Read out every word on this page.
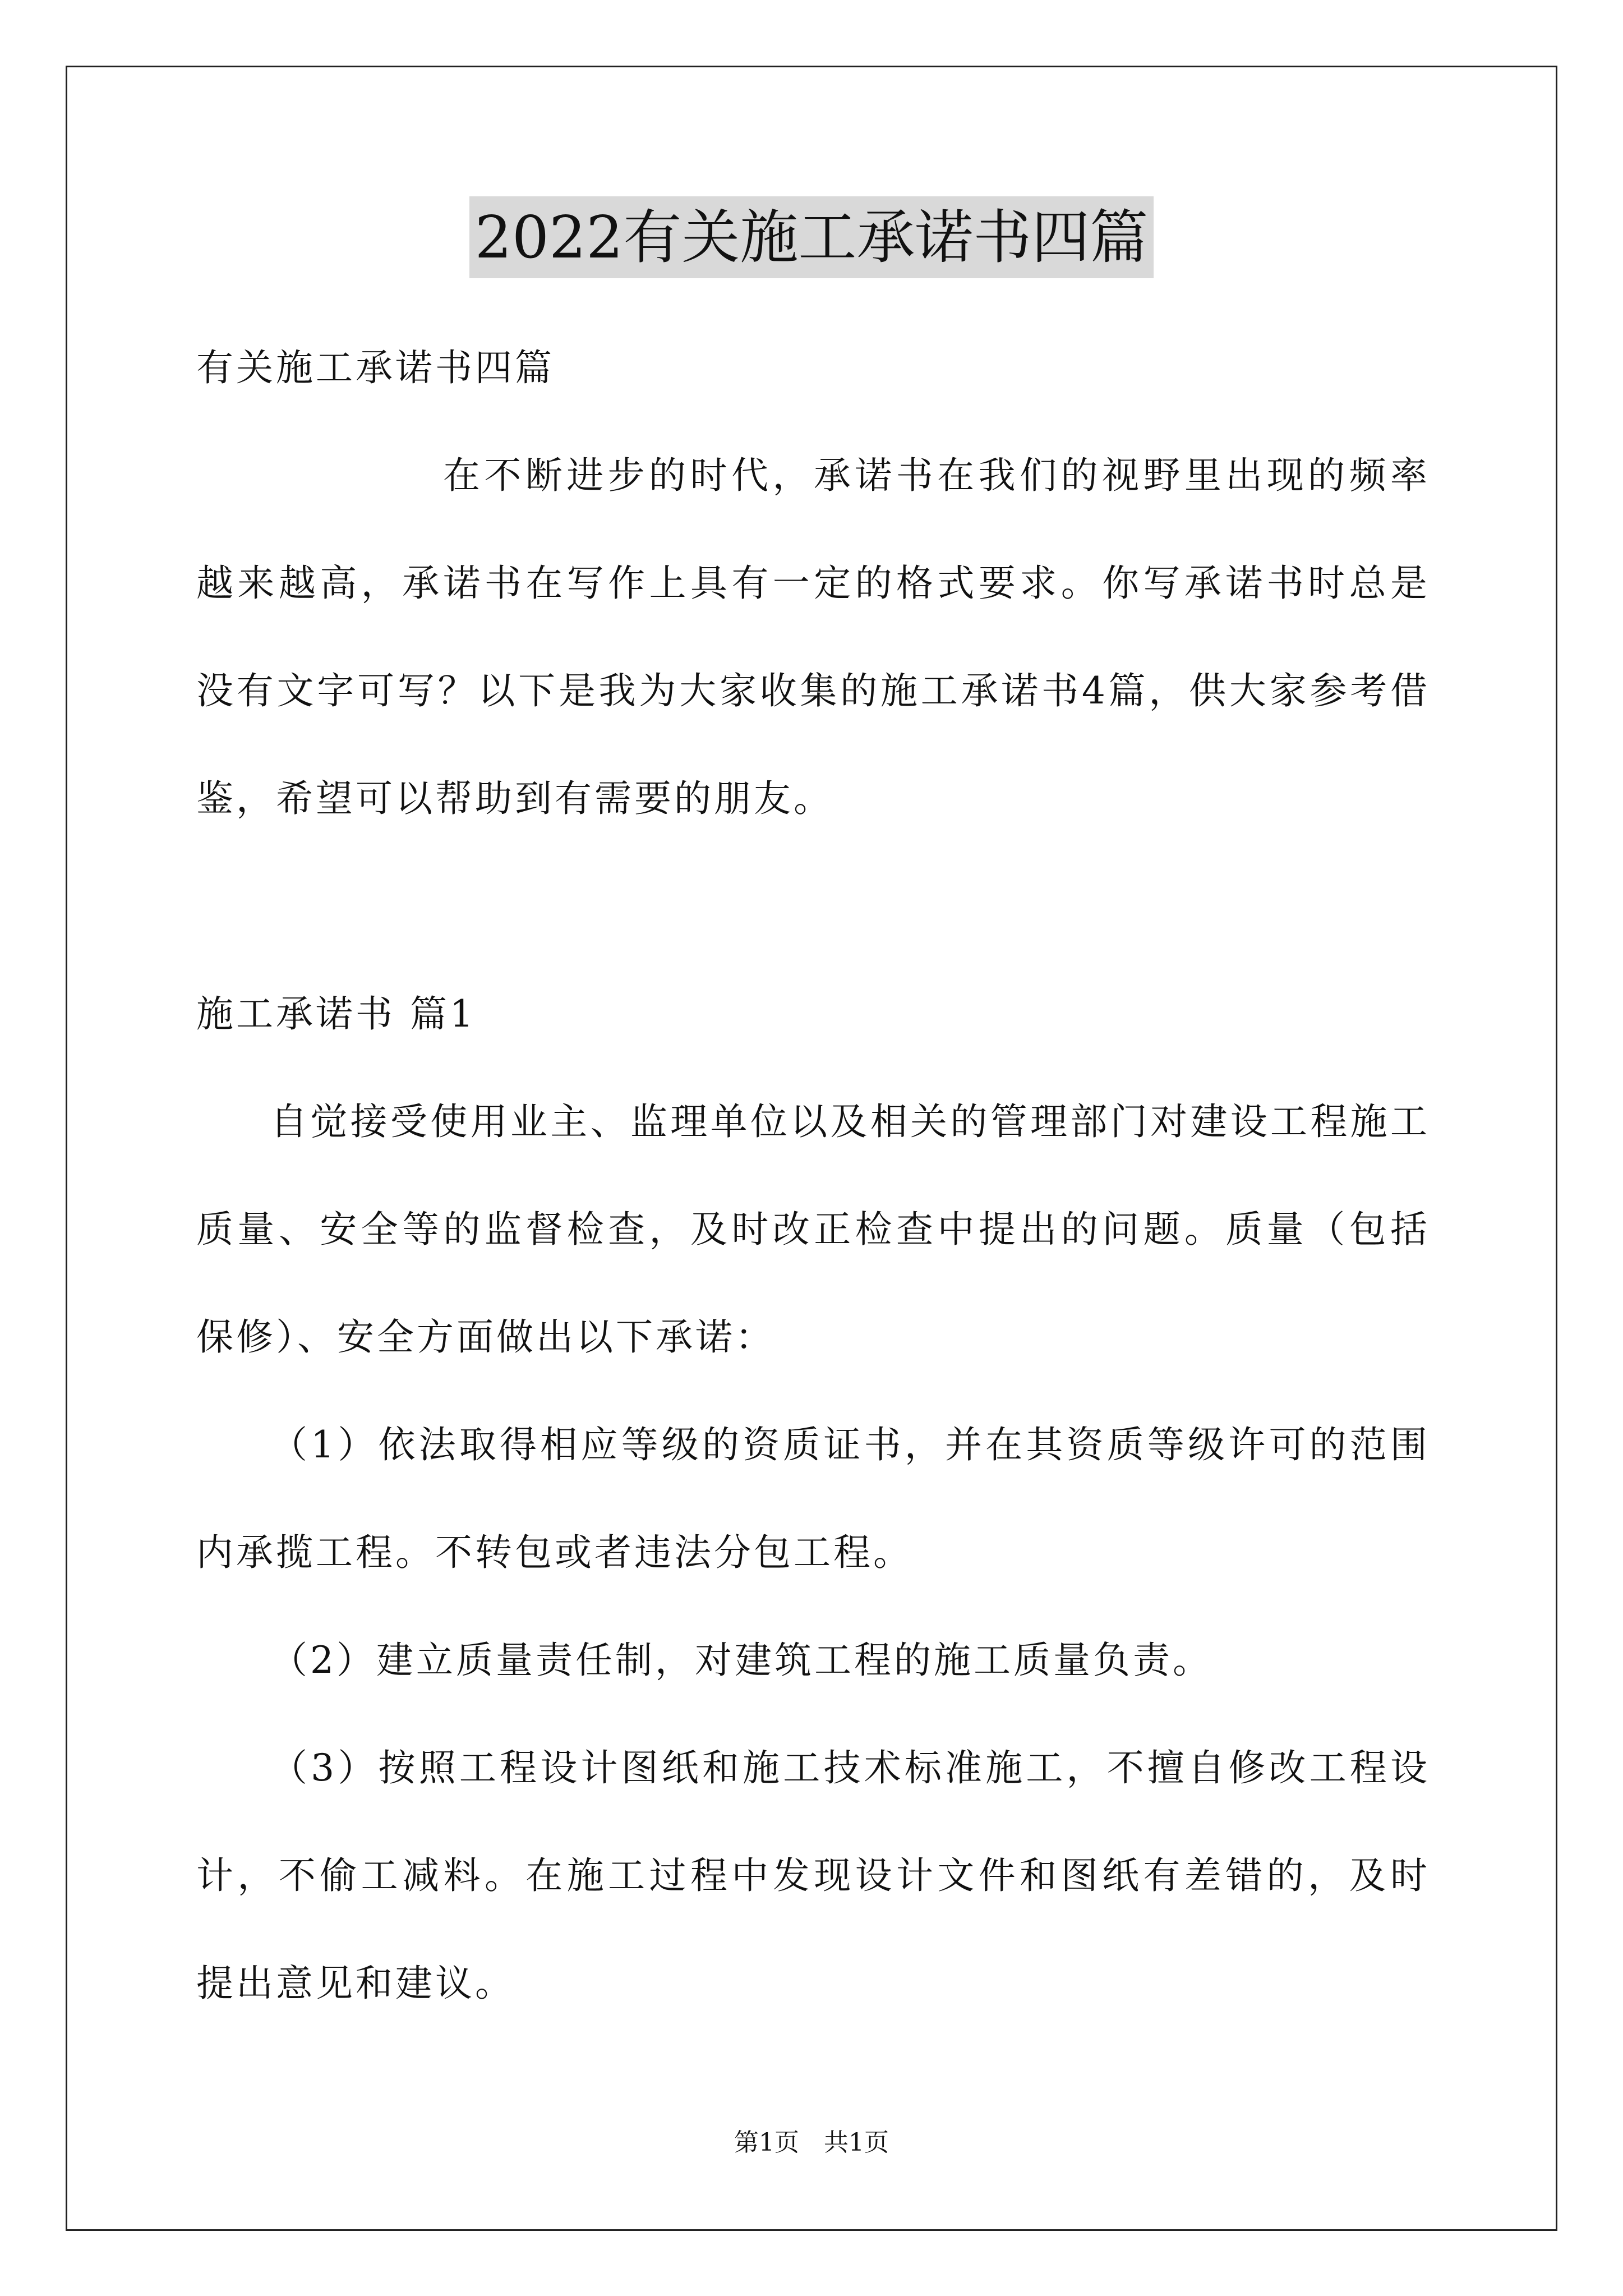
2022有关施工承诺书四篇

有关施工承诺书四篇

在不断进步的时代，承诺书在我们的视野里出现的频率越来越高，承诺书在写作上具有一定的格式要求。你写承诺书时总是没有文字可写？以下是我为大家收集的施工承诺书4篇，供大家参考借鉴，希望可以帮助到有需要的朋友。

施工承诺书 篇1

自觉接受使用业主、监理单位以及相关的管理部门对建设工程施工质量、安全等的监督检查，及时改正检查中提出的问题。质量（包括保修）、安全方面做出以下承诺：

（1）依法取得相应等级的资质证书，并在其资质等级许可的范围内承揽工程。不转包或者违法分包工程。

（2）建立质量责任制，对建筑工程的施工质量负责。

（3）按照工程设计图纸和施工技术标准施工，不擅自修改工程设计，不偷工减料。在施工过程中发现设计文件和图纸有差错的，及时提出意见和建议。

第1页　共1页
